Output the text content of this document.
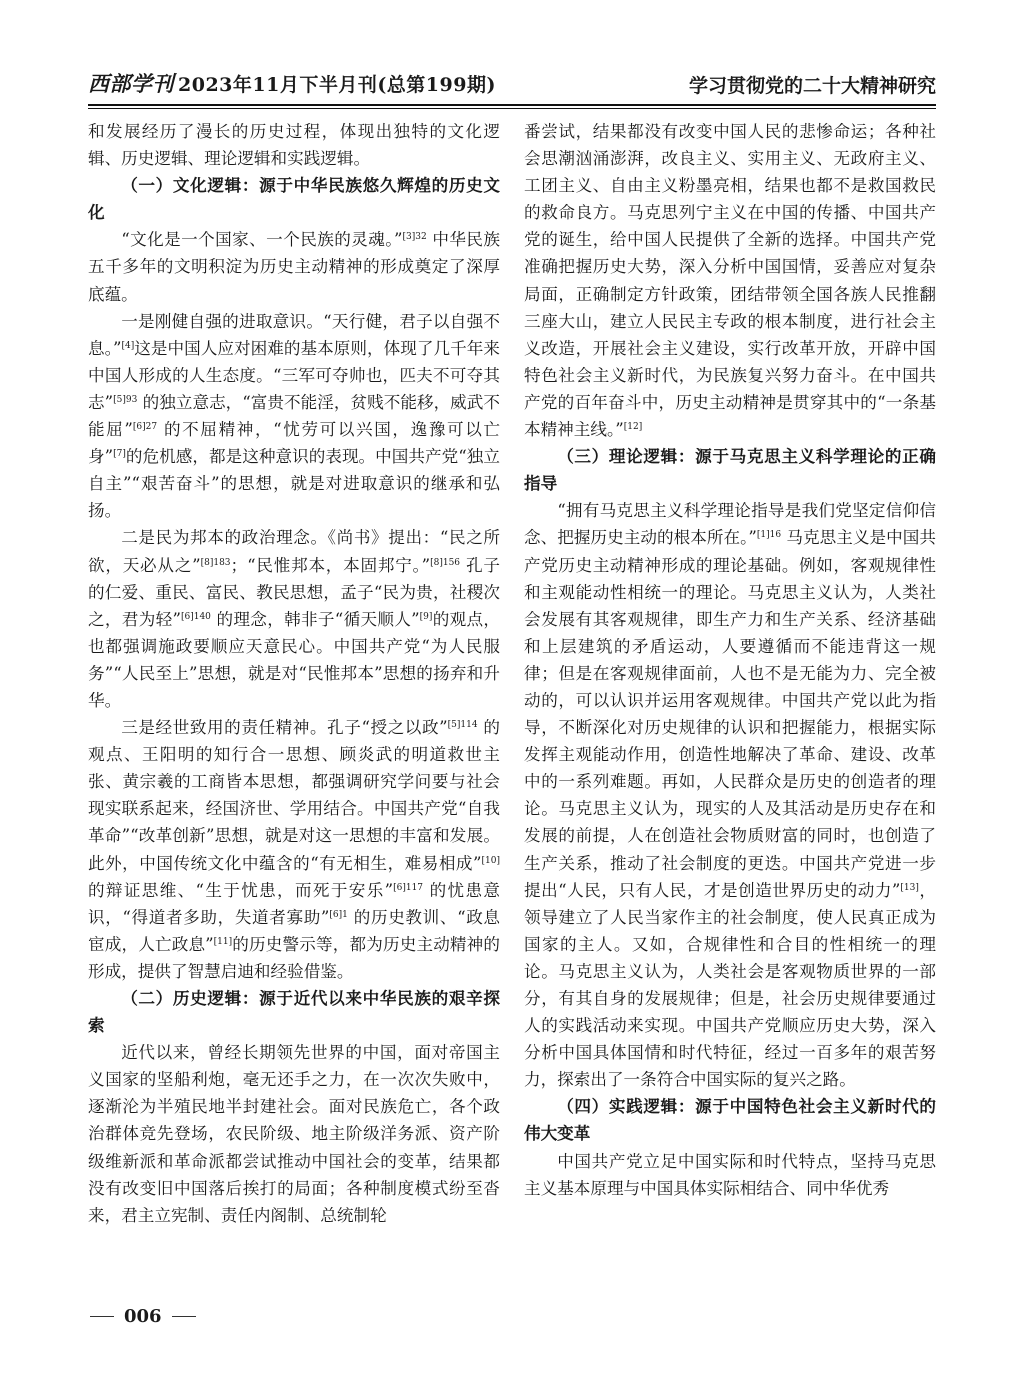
西部学刊 2023年11月下半月刊(总第199期)	学习贯彻党的二十大精神研究

和发展经历了漫长的历史过程，体现出独特的文化逻辑、历史逻辑、理论逻辑和实践逻辑。

（一）文化逻辑：源于中华民族悠久辉煌的历史文化

“文化是一个国家、一个民族的灵魂。”$^{[3]32}$ 中华民族五千多年的文明积淀为历史主动精神的形成奠定了深厚底蕴。

一是刚健自强的进取意识。“天行健，君子以自强不息。”[4]这是中国人应对困难的基本原则，体现了几千年来中国人形成的人生态度。“三军可夺帅也，匹夫不可夺其志”$^{[5]93}$ 的独立意志，“富贵不能淫，贫贱不能移，威武不能屈”$^{[6]27}$ 的不屈精神，“忧劳可以兴国，逸豫可以亡身”[7]的危机感，都是这种意识的表现。中国共产党“独立自主”“艰苦奋斗”的思想，就是对进取意识的继承和弘扬。

二是民为邦本的政治理念。《尚书》提出：“民之所欲，天必从之”$^{[8]183}$；“民惟邦本，本固邦宁。”$^{[8]156}$ 孔子的仁爱、重民、富民、教民思想，孟子“民为贵，社稷次之，君为轻”$^{[6]140}$ 的理念，韩非子“循天顺人”[9]的观点，也都强调施政要顺应天意民心。中国共产党“为人民服务”“人民至上”思想，就是对“民惟邦本”思想的扬弃和升华。

三是经世致用的责任精神。孔子“授之以政”$^{[5]114}$ 的观点、王阳明的知行合一思想、顾炎武的明道救世主张、黄宗羲的工商皆本思想，都强调研究学问要与社会现实联系起来，经国济世、学用结合。中国共产党“自我革命”“改革创新”思想，就是对这一思想的丰富和发展。此外，中国传统文化中蕴含的“有无相生，难易相成”[10]的辩证思维、“生于忧患，而死于安乐”$^{[6]117}$ 的忧患意识，“得道者多助，失道者寡助”$^{[6]1}$ 的历史教训、“政息宦成，人亡政息”[11]的历史警示等，都为历史主动精神的形成，提供了智慧启迪和经验借鉴。

（二）历史逻辑：源于近代以来中华民族的艰辛探索

近代以来，曾经长期领先世界的中国，面对帝国主义国家的坚船利炮，毫无还手之力，在一次次失败中，逐渐沦为半殖民地半封建社会。面对民族危亡，各个政治群体竞先登场，农民阶级、地主阶级洋务派、资产阶级维新派和革命派都尝试推动中国社会的变革，结果都没有改变旧中国落后挨打的局面；各种制度模式纷至沓来，君主立宪制、责任内阁制、总统制轮

番尝试，结果都没有改变中国人民的悲惨命运；各种社会思潮汹涌澎湃，改良主义、实用主义、无政府主义、工团主义、自由主义粉墨亮相，结果也都不是救国救民的救命良方。马克思列宁主义在中国的传播、中国共产党的诞生，给中国人民提供了全新的选择。中国共产党准确把握历史大势，深入分析中国国情，妥善应对复杂局面，正确制定方针政策，团结带领全国各族人民推翻三座大山，建立人民民主专政的根本制度，进行社会主义改造，开展社会主义建设，实行改革开放，开辟中国特色社会主义新时代，为民族复兴努力奋斗。在中国共产党的百年奋斗中，历史主动精神是贯穿其中的“一条基本精神主线。”[12]

（三）理论逻辑：源于马克思主义科学理论的正确指导

“拥有马克思主义科学理论指导是我们党坚定信仰信念、把握历史主动的根本所在。”$^{[1]16}$ 马克思主义是中国共产党历史主动精神形成的理论基础。例如，客观规律性和主观能动性相统一的理论。马克思主义认为，人类社会发展有其客观规律，即生产力和生产关系、经济基础和上层建筑的矛盾运动，人要遵循而不能违背这一规律；但是在客观规律面前，人也不是无能为力、完全被动的，可以认识并运用客观规律。中国共产党以此为指导，不断深化对历史规律的认识和把握能力，根据实际发挥主观能动作用，创造性地解决了革命、建设、改革中的一系列难题。再如，人民群众是历史的创造者的理论。马克思主义认为，现实的人及其活动是历史存在和发展的前提，人在创造社会物质财富的同时，也创造了生产关系，推动了社会制度的更迭。中国共产党进一步提出“人民，只有人民，才是创造世界历史的动力”[13]，领导建立了人民当家作主的社会制度，使人民真正成为国家的主人。又如，合规律性和合目的性相统一的理论。马克思主义认为，人类社会是客观物质世界的一部分，有其自身的发展规律；但是，社会历史规律要通过人的实践活动来实现。中国共产党顺应历史大势，深入分析中国具体国情和时代特征，经过一百多年的艰苦努力，探索出了一条符合中国实际的复兴之路。

（四）实践逻辑：源于中国特色社会主义新时代的伟大变革

中国共产党立足中国实际和时代特点，坚持马克思主义基本原理与中国具体实际相结合、同中华优秀

006
